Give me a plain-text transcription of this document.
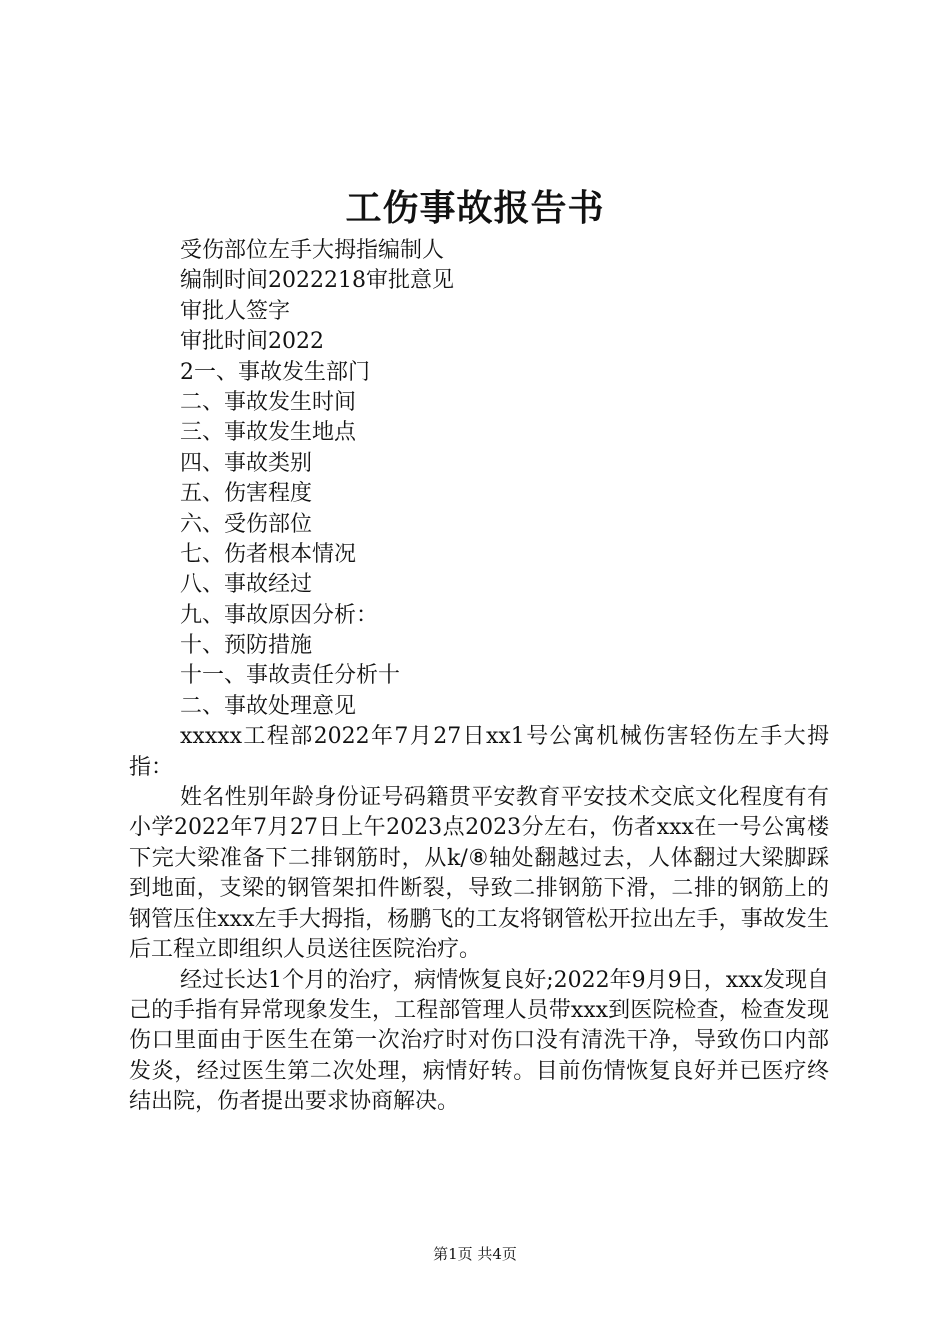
工伤事故报告书
受伤部位左手大拇指编制人
编制时间2022218审批意见
审批人签字
审批时间2022
2一、事故发生部门
二、事故发生时间
三、事故发生地点
四、事故类别
五、伤害程度
六、受伤部位
七、伤者根本情况
八、事故经过
九、事故原因分析：
十、预防措施
十一、事故责任分析十
二、事故处理意见
xxxxx工程部2022年7月27日xx1号公寓机械伤害轻伤左手大拇指：
姓名性别年龄身份证号码籍贯平安教育平安技术交底文化程度有有小学2022年7月27日上午2023点2023分左右，伤者xxx在一号公寓楼下完大梁准备下二排钢筋时，从k/⑧轴处翻越过去，人体翻过大梁脚踩到地面，支梁的钢管架扣件断裂，导致二排钢筋下滑，二排的钢筋上的钢管压住xxx左手大拇指，杨鹏飞的工友将钢管松开拉出左手，事故发生后工程立即组织人员送往医院治疗。
经过长达1个月的治疗，病情恢复良好;2022年9月9日，xxx发现自己的手指有异常现象发生，工程部管理人员带xxx到医院检查，检查发现伤口里面由于医生在第一次治疗时对伤口没有清洗干净，导致伤口内部发炎，经过医生第二次处理，病情好转。目前伤情恢复良好并已医疗终结出院，伤者提出要求协商解决。
第1页 共4页
